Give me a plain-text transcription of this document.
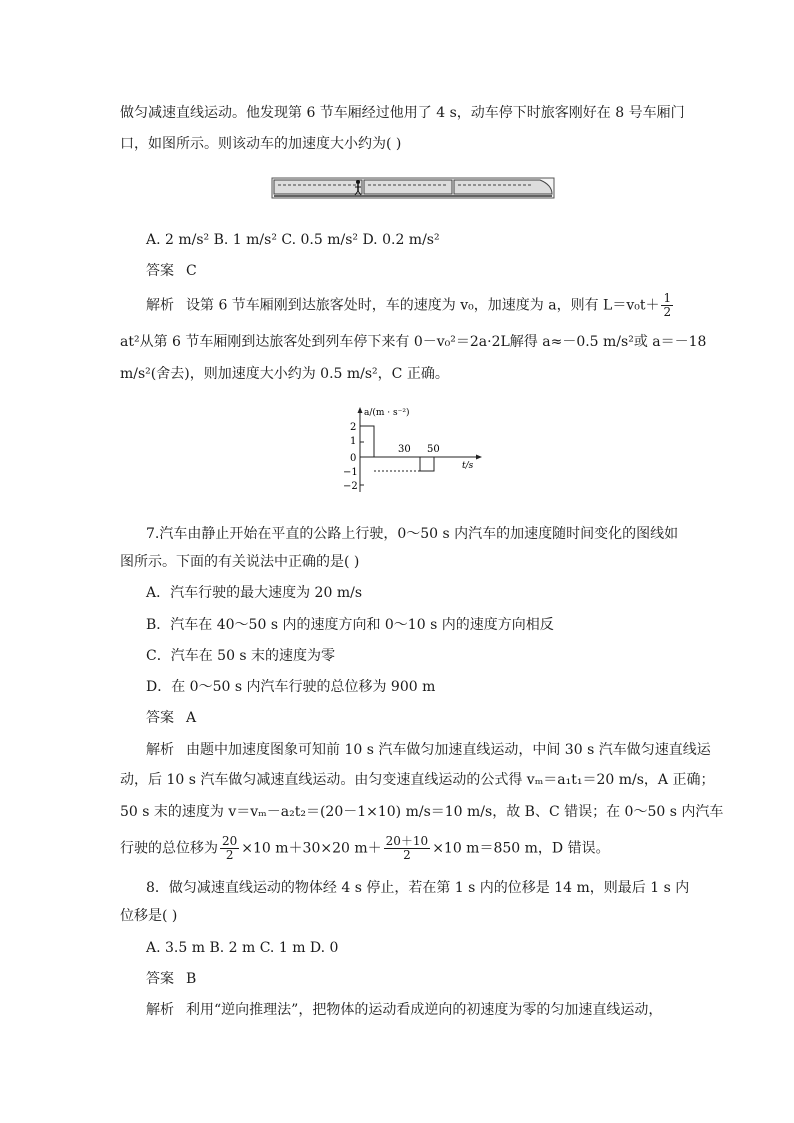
做匀减速直线运动。他发现第 6 节车厢经过他用了 4 s，动车停下时旅客刚好在 8 号车厢门
口，如图所示。则该动车的加速度大小约为( )
A. 2 m/s² B. 1 m/s² C. 0.5 m/s² D. 0.2 m/s²
答案 C
解析 设第 6 节车厢刚到达旅客处时，车的速度为 v₀，加速度为 a，则有 $L=v_0t+ \frac{1}{2}$
at²从第 6 节车厢刚到达旅客处到列车停下来有 0－v₀²＝2a·2L解得 a≈－0.5 m/s²或 a＝－18
m/s²(舍去)，则加速度大小约为 0.5 m/s²，C 正确。
a/(m · s⁻²)
t/s
2
1
0
−1
−2
30 50
7.汽车由静止开始在平直的公路上行驶，0～50 s 内汽车的加速度随时间变化的图线如
图所示。下面的有关说法中正确的是( )
A．汽车行驶的最大速度为 20 m/s
B．汽车在 40～50 s 内的速度方向和 0～10 s 内的速度方向相反
C．汽车在 50 s 末的速度为零
D．在 0～50 s 内汽车行驶的总位移为 900 m
答案 A
解析 由题中加速度图象可知前 10 s 汽车做匀加速直线运动，中间 30 s 汽车做匀速直线运
动，后 10 s 汽车做匀减速直线运动。由匀变速直线运动的公式得 vₘ＝a₁t₁＝20 m/s，A 正确；
50 s 末的速度为 v＝vₘ－a₂t₂＝(20－1×10) m/s＝10 m/s，故 B、C 错误；在 0～50 s 内汽车
行驶的总位移为 $\frac{20}{2} \times 10$ m＋30×20 $m+ \frac{20+10}{2} \times 10$ m＝850 m，D 错误。
8．做匀减速直线运动的物体经 4 s 停止，若在第 1 s 内的位移是 14 m，则最后 1 s 内
位移是( )
A. 3.5 m B. 2 m C. 1 m D. 0
答案 B
解析 利用“逆向推理法”，把物体的运动看成逆向的初速度为零的匀加速直线运动，
